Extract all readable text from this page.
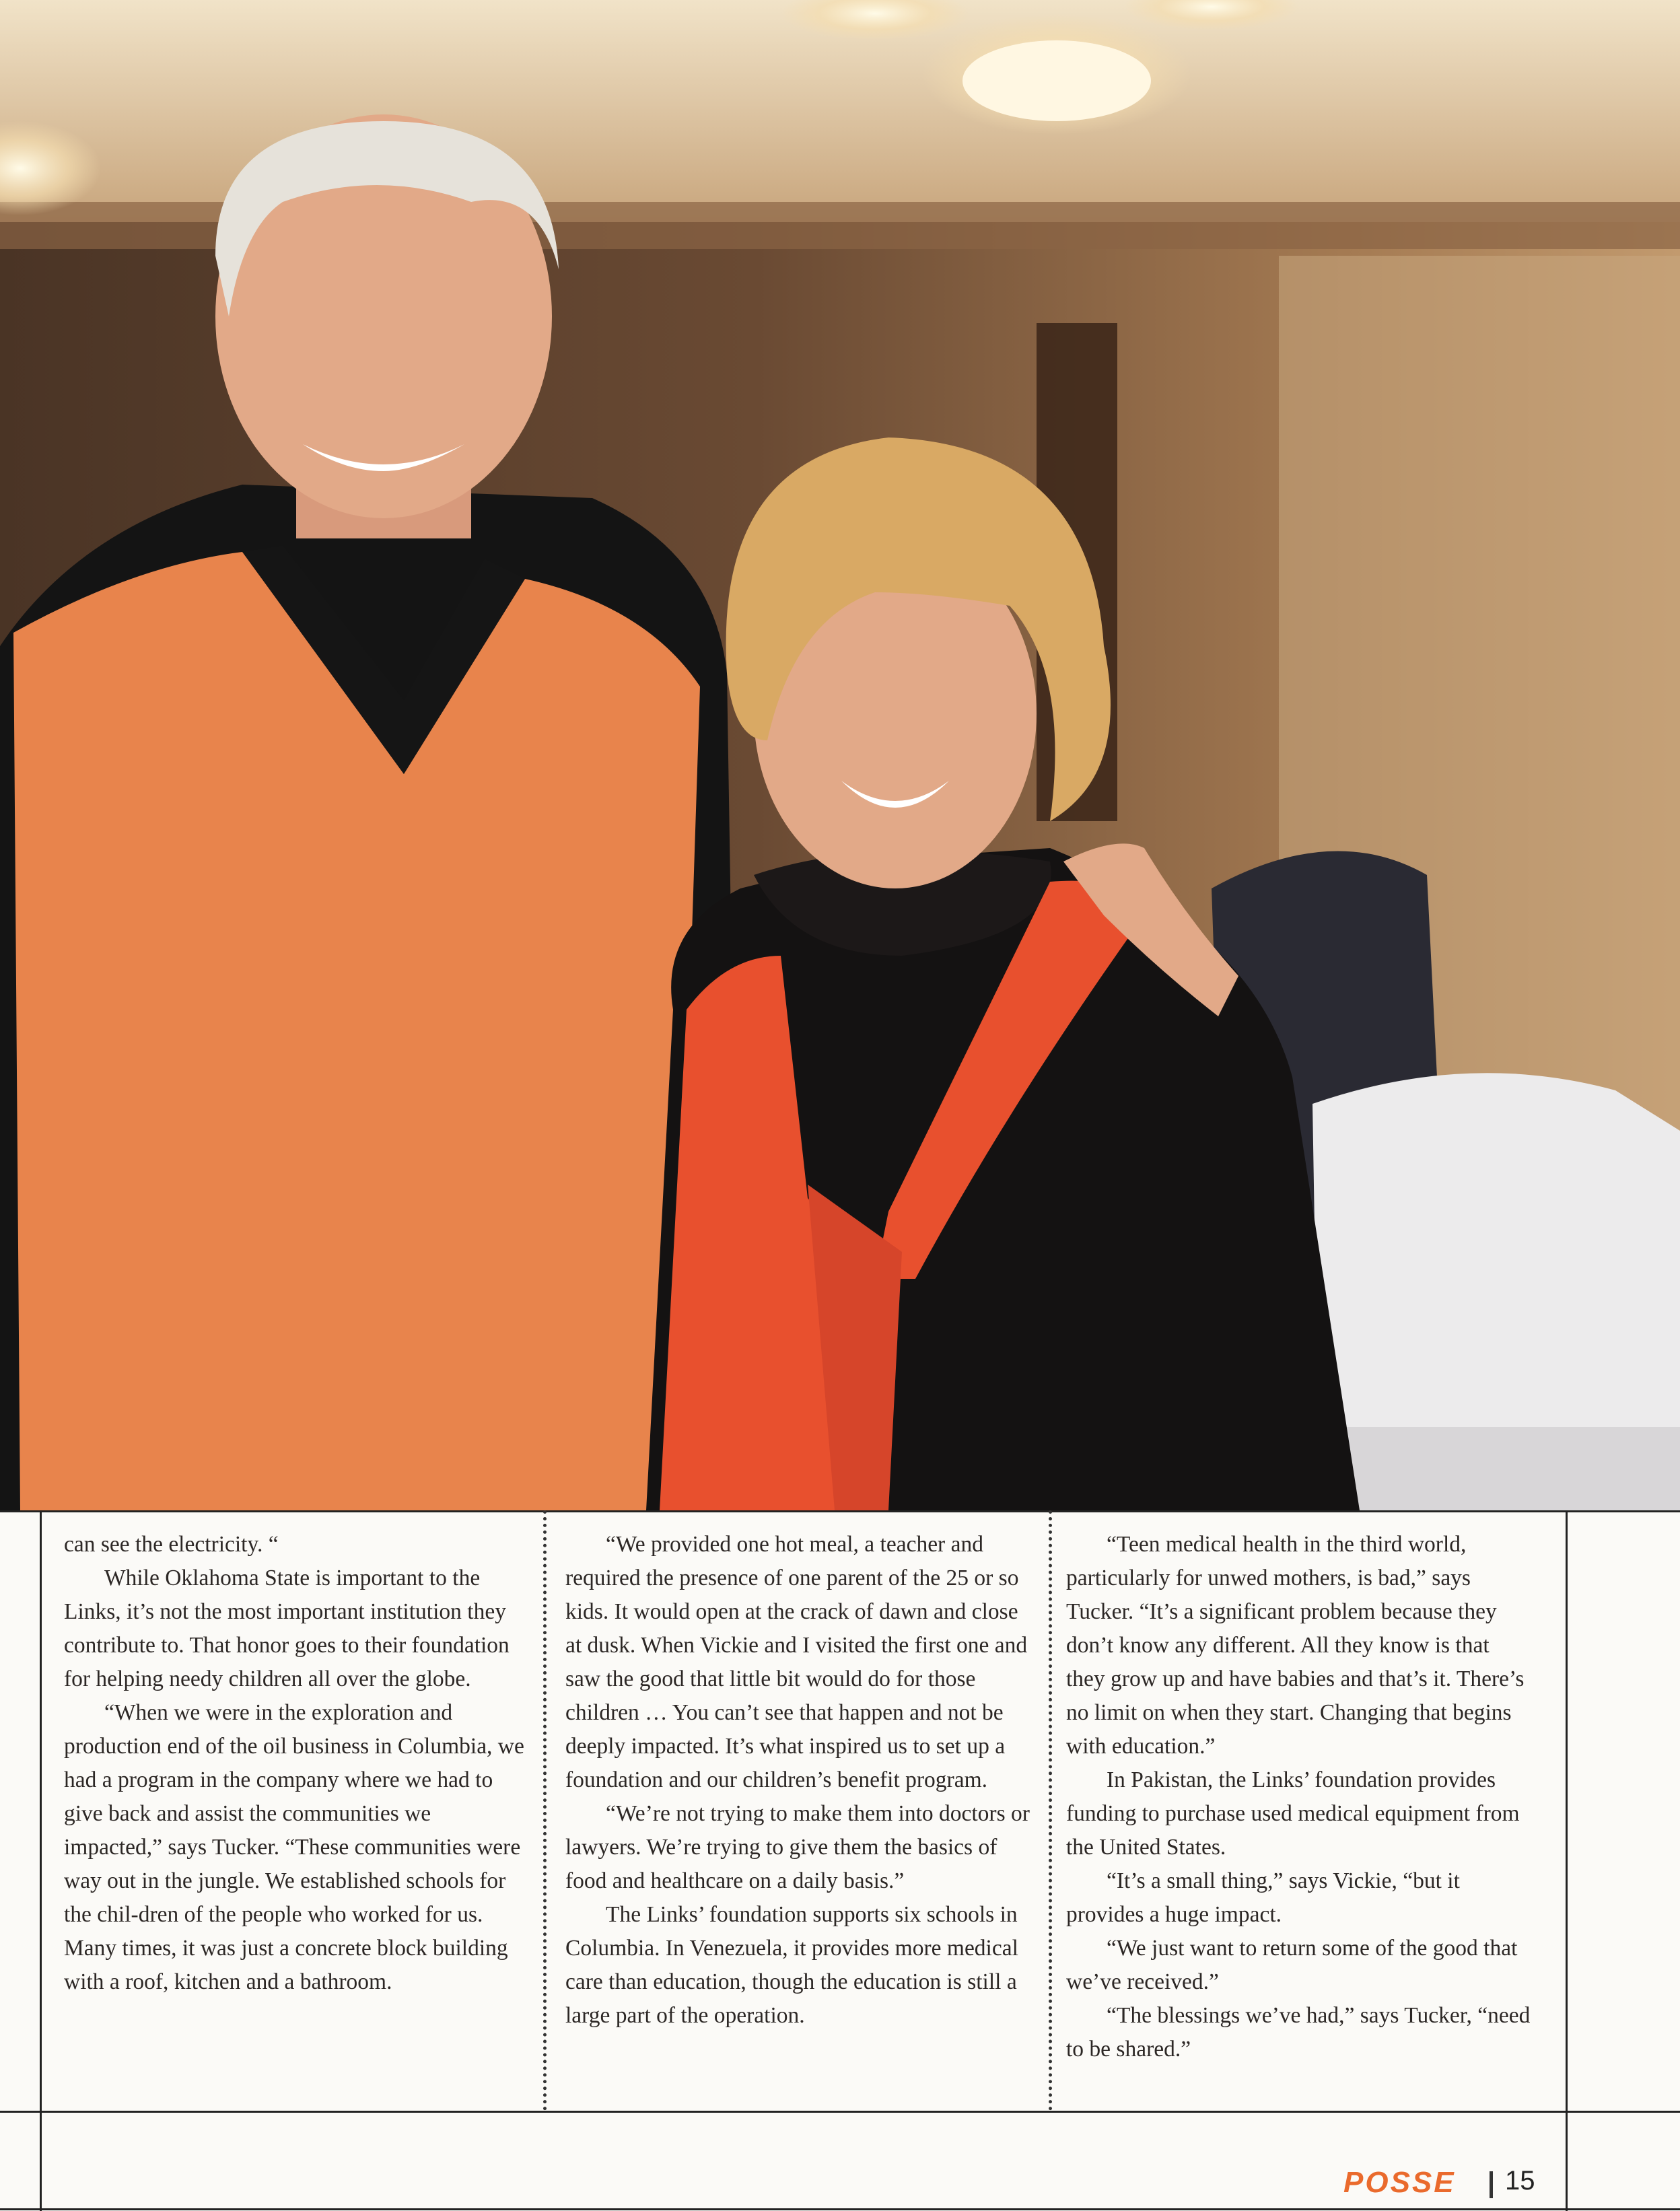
can see the electricity. “

While Oklahoma State is important to the Links, it’s not the most important institution they contribute to. That honor goes to their foundation for helping needy children all over the globe.

“When we were in the exploration and production end of the oil business in Columbia, we had a program in the company where we had to give back and assist the communities we impacted,” says Tucker. “These communities were way out in the jungle. We established schools for the chil-dren of the people who worked for us. Many times, it was just a concrete block building with a roof, kitchen and a bathroom.

“We provided one hot meal, a teacher and required the presence of one parent of the 25 or so kids. It would open at the crack of dawn and close at dusk. When Vickie and I visited the first one and saw the good that little bit would do for those children … You can’t see that happen and not be deeply impacted. It’s what inspired us to set up a foundation and our children’s benefit program.

“We’re not trying to make them into doctors or lawyers. We’re trying to give them the basics of food and healthcare on a daily basis.”

The Links’ foundation supports six schools in Columbia. In Venezuela, it provides more medical care than education, though the education is still a large part of the operation.

“Teen medical health in the third world, particularly for unwed mothers, is bad,” says Tucker. “It’s a significant problem because they don’t know any different. All they know is that they grow up and have babies and that’s it. There’s no limit on when they start. Changing that begins with education.”

In Pakistan, the Links’ foundation provides funding to purchase used medical equipment from the United States.

“It’s a small thing,” says Vickie, “but it provides a huge impact.

“We just want to return some of the good that we’ve received.”

“The blessings we’ve had,” says Tucker, “need to be shared.”

POSSE 15
